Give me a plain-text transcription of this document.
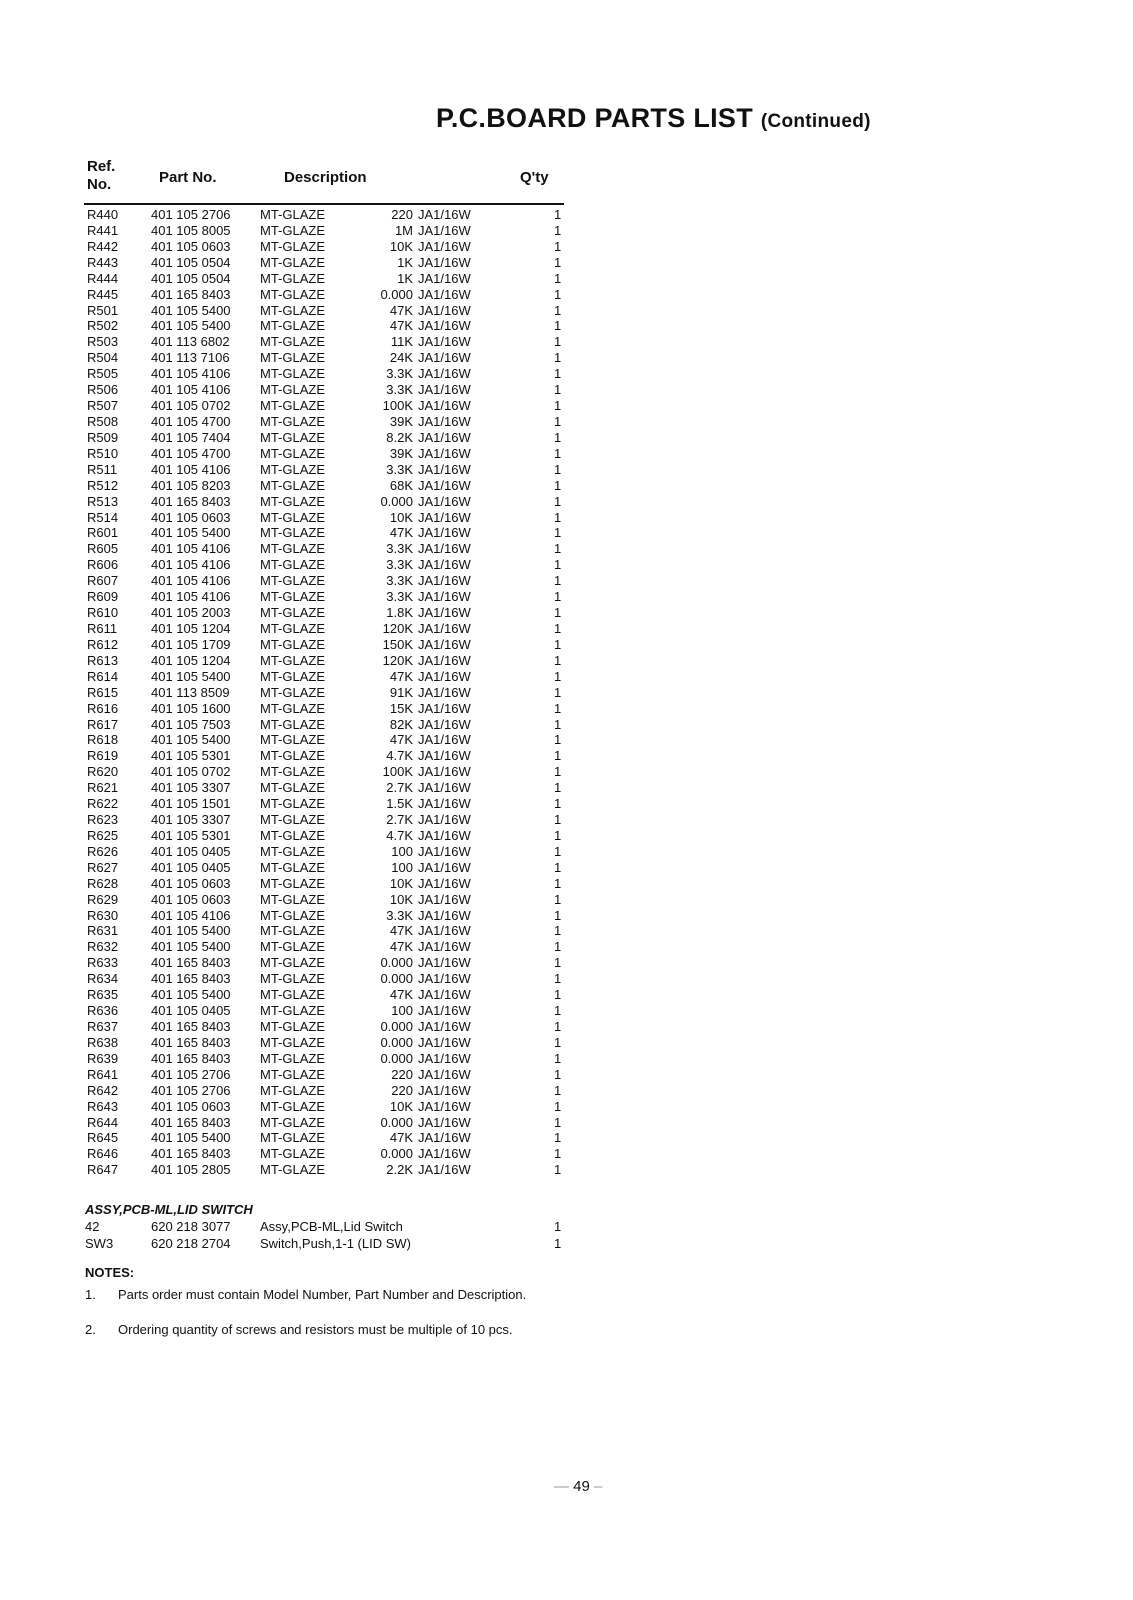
P.C.BOARD PARTS LIST (Continued)
Ref.
No.	Part No.	Description	Q'ty
R440	401 105 2706 MT-GLAZE	220 JA1/16W	1
R441	401 105 8005 MT-GLAZE	1M JA1/16W	1
R442	401 105 0603 MT-GLAZE	10K JA1/16W	1
R443	401 105 0504 MT-GLAZE	1K JA1/16W	1
R444	401 105 0504 MT-GLAZE	1K JA1/16W	1
R445	401 165 8403 MT-GLAZE	0.000 JA1/16W	1
R501	401 105 5400 MT-GLAZE	47K JA1/16W	1
R502	401 105 5400 MT-GLAZE	47K JA1/16W	1
R503	401 113 6802 MT-GLAZE	11K JA1/16W	1
R504	401 113 7106 MT-GLAZE	24K JA1/16W	1
R505	401 105 4106 MT-GLAZE	3.3K JA1/16W	1
R506	401 105 4106 MT-GLAZE	3.3K JA1/16W	1
R507	401 105 0702 MT-GLAZE	100K JA1/16W	1
R508	401 105 4700 MT-GLAZE	39K JA1/16W	1
R509	401 105 7404 MT-GLAZE	8.2K JA1/16W	1
R510	401 105 4700 MT-GLAZE	39K JA1/16W	1
R511	401 105 4106 MT-GLAZE	3.3K JA1/16W	1
R512	401 105 8203 MT-GLAZE	68K JA1/16W	1
R513	401 165 8403 MT-GLAZE	0.000 JA1/16W	1
R514	401 105 0603 MT-GLAZE	10K JA1/16W	1
R601	401 105 5400 MT-GLAZE	47K JA1/16W	1
R605	401 105 4106 MT-GLAZE	3.3K JA1/16W	1
R606	401 105 4106 MT-GLAZE	3.3K JA1/16W	1
R607	401 105 4106 MT-GLAZE	3.3K JA1/16W	1
R609	401 105 4106 MT-GLAZE	3.3K JA1/16W	1
R610	401 105 2003 MT-GLAZE	1.8K JA1/16W	1
R611	401 105 1204 MT-GLAZE	120K JA1/16W	1
R612	401 105 1709 MT-GLAZE	150K JA1/16W	1
R613	401 105 1204 MT-GLAZE	120K JA1/16W	1
R614	401 105 5400 MT-GLAZE	47K JA1/16W	1
R615	401 113 8509 MT-GLAZE	91K JA1/16W	1
R616	401 105 1600 MT-GLAZE	15K JA1/16W	1
R617	401 105 7503 MT-GLAZE	82K JA1/16W	1
R618	401 105 5400 MT-GLAZE	47K JA1/16W	1
R619	401 105 5301 MT-GLAZE	4.7K JA1/16W	1
R620	401 105 0702 MT-GLAZE	100K JA1/16W	1
R621	401 105 3307 MT-GLAZE	2.7K JA1/16W	1
R622	401 105 1501 MT-GLAZE	1.5K JA1/16W	1
R623	401 105 3307 MT-GLAZE	2.7K JA1/16W	1
R625	401 105 5301 MT-GLAZE	4.7K JA1/16W	1
R626	401 105 0405 MT-GLAZE	100 JA1/16W	1
R627	401 105 0405 MT-GLAZE	100 JA1/16W	1
R628	401 105 0603 MT-GLAZE	10K JA1/16W	1
R629	401 105 0603 MT-GLAZE	10K JA1/16W	1
R630	401 105 4106 MT-GLAZE	3.3K JA1/16W	1
R631	401 105 5400 MT-GLAZE	47K JA1/16W	1
R632	401 105 5400 MT-GLAZE	47K JA1/16W	1
R633	401 165 8403 MT-GLAZE	0.000 JA1/16W	1
R634	401 165 8403 MT-GLAZE	0.000 JA1/16W	1
R635	401 105 5400 MT-GLAZE	47K JA1/16W	1
R636	401 105 0405 MT-GLAZE	100 JA1/16W	1
R637	401 165 8403 MT-GLAZE	0.000 JA1/16W	1
R638	401 165 8403 MT-GLAZE	0.000 JA1/16W	1
R639	401 165 8403 MT-GLAZE	0.000 JA1/16W	1
R641	401 105 2706 MT-GLAZE	220 JA1/16W	1
R642	401 105 2706 MT-GLAZE	220 JA1/16W	1
R643	401 105 0603 MT-GLAZE	10K JA1/16W	1
R644	401 165 8403 MT-GLAZE	0.000 JA1/16W	1
R645	401 105 5400 MT-GLAZE	47K JA1/16W	1
R646	401 165 8403 MT-GLAZE	0.000 JA1/16W	1
R647	401 105 2805 MT-GLAZE	2.2K JA1/16W	1
ASSY,PCB-ML,LID SWITCH
42	620 218 3077 Assy,PCB-ML,Lid Switch	1
SW3	620 218 2704 Switch,Push,1-1 (LID SW)	1
NOTES:
1. Parts order must contain Model Number, Part Number and Description.
2. Ordering quantity of screws and resistors must be multiple of 10 pcs.
— 49 –
